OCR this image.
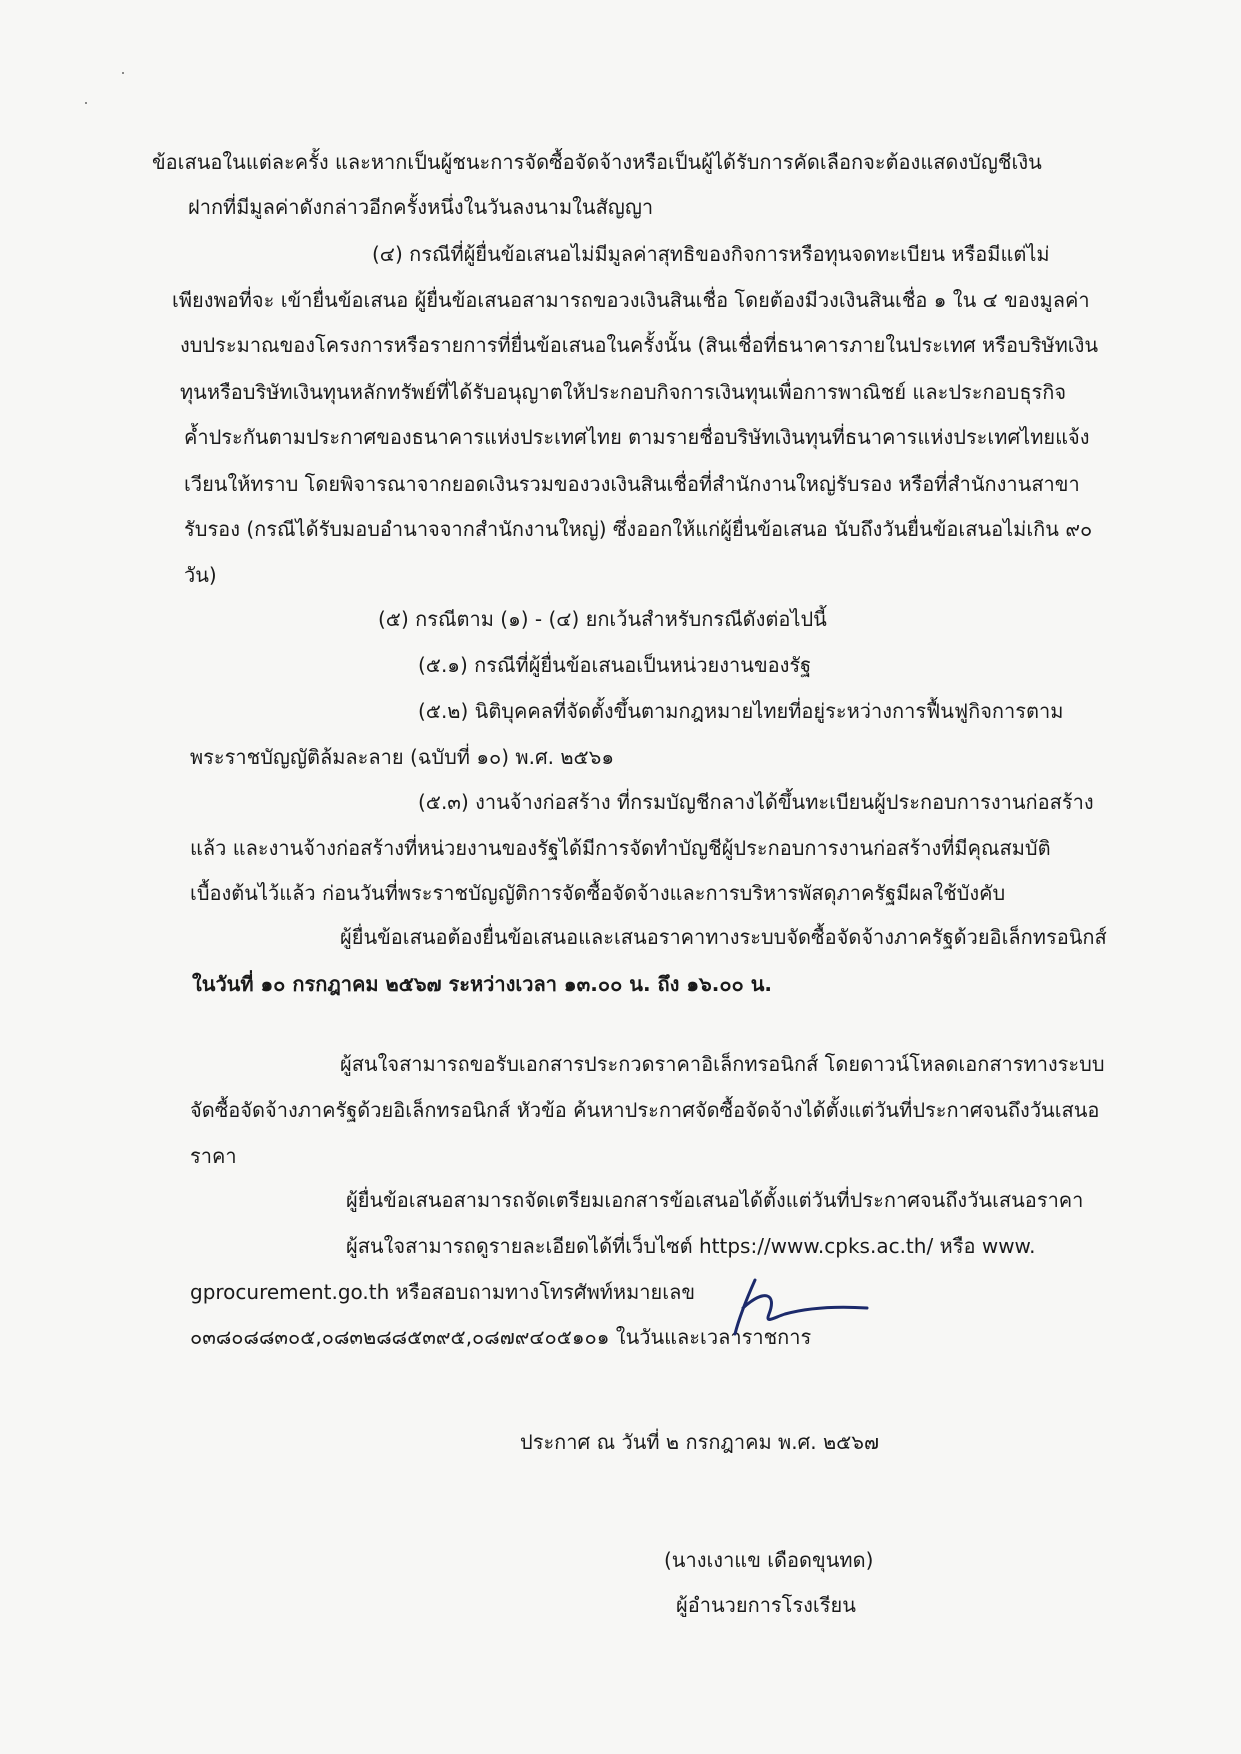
ข้อเสนอในแต่ละครั้ง และหากเป็นผู้ชนะการจัดซื้อจัดจ้างหรือเป็นผู้ได้รับการคัดเลือกจะต้องแสดงบัญชีเงิน
ฝากที่มีมูลค่าดังกล่าวอีกครั้งหนึ่งในวันลงนามในสัญญา
(๔) กรณีที่ผู้ยื่นข้อเสนอไม่มีมูลค่าสุทธิของกิจการหรือทุนจดทะเบียน หรือมีแต่ไม่
เพียงพอที่จะ เข้ายื่นข้อเสนอ ผู้ยื่นข้อเสนอสามารถขอวงเงินสินเชื่อ โดยต้องมีวงเงินสินเชื่อ ๑ ใน ๔ ของมูลค่า
งบประมาณของโครงการหรือรายการที่ยื่นข้อเสนอในครั้งนั้น (สินเชื่อที่ธนาคารภายในประเทศ หรือบริษัทเงิน
ทุนหรือบริษัทเงินทุนหลักทรัพย์ที่ได้รับอนุญาตให้ประกอบกิจการเงินทุนเพื่อการพาณิชย์ และประกอบธุรกิจ
ค้ำประกันตามประกาศของธนาคารแห่งประเทศไทย ตามรายชื่อบริษัทเงินทุนที่ธนาคารแห่งประเทศไทยแจ้ง
เวียนให้ทราบ โดยพิจารณาจากยอดเงินรวมของวงเงินสินเชื่อที่สำนักงานใหญ่รับรอง หรือที่สำนักงานสาขา
รับรอง (กรณีได้รับมอบอำนาจจากสำนักงานใหญ่) ซึ่งออกให้แก่ผู้ยื่นข้อเสนอ นับถึงวันยื่นข้อเสนอไม่เกิน ๙๐
วัน)
(๕) กรณีตาม (๑) - (๔) ยกเว้นสำหรับกรณีดังต่อไปนี้
(๕.๑) กรณีที่ผู้ยื่นข้อเสนอเป็นหน่วยงานของรัฐ
(๕.๒) นิติบุคคลที่จัดตั้งขึ้นตามกฎหมายไทยที่อยู่ระหว่างการฟื้นฟูกิจการตาม
พระราชบัญญัติล้มละลาย (ฉบับที่ ๑๐) พ.ศ. ๒๕๖๑
(๕.๓) งานจ้างก่อสร้าง ที่กรมบัญชีกลางได้ขึ้นทะเบียนผู้ประกอบการงานก่อสร้าง
แล้ว และงานจ้างก่อสร้างที่หน่วยงานของรัฐได้มีการจัดทำบัญชีผู้ประกอบการงานก่อสร้างที่มีคุณสมบัติ
เบื้องต้นไว้แล้ว ก่อนวันที่พระราชบัญญัติการจัดซื้อจัดจ้างและการบริหารพัสดุภาครัฐมีผลใช้บังคับ
ผู้ยื่นข้อเสนอต้องยื่นข้อเสนอและเสนอราคาทางระบบจัดซื้อจัดจ้างภาครัฐด้วยอิเล็กทรอนิกส์
ในวันที่ ๑๐ กรกฎาคม ๒๕๖๗ ระหว่างเวลา ๑๓.๐๐ น. ถึง ๑๖.๐๐ น.
ผู้สนใจสามารถขอรับเอกสารประกวดราคาอิเล็กทรอนิกส์ โดยดาวน์โหลดเอกสารทางระบบ
จัดซื้อจัดจ้างภาครัฐด้วยอิเล็กทรอนิกส์ หัวข้อ ค้นหาประกาศจัดซื้อจัดจ้างได้ตั้งแต่วันที่ประกาศจนถึงวันเสนอ
ราคา
ผู้ยื่นข้อเสนอสามารถจัดเตรียมเอกสารข้อเสนอได้ตั้งแต่วันที่ประกาศจนถึงวันเสนอราคา
ผู้สนใจสามารถดูรายละเอียดได้ที่เว็บไซต์ https://www.cpks.ac.th/ หรือ www.
gprocurement.go.th หรือสอบถามทางโทรศัพท์หมายเลข
๐๓๘๐๘๘๓๐๕,๐๘๓๒๘๘๕๓๙๕,๐๘๗๙๔๐๕๑๐๑ ในวันและเวลาราชการ
ประกาศ ณ วันที่ ๒ กรกฎาคม พ.ศ. ๒๕๖๗
(นางเงาแข เดือดขุนทด)
ผู้อำนวยการโรงเรียน
